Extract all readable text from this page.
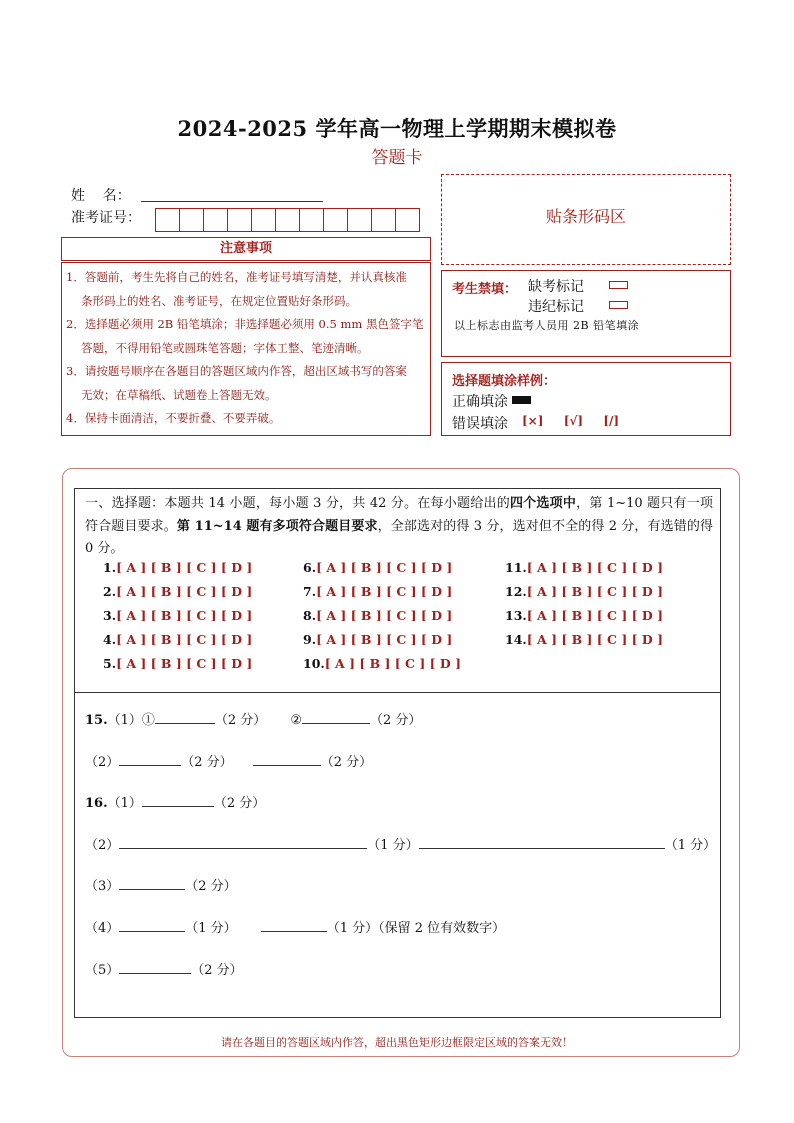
2024-2025 学年高一物理上学期期末模拟卷
答题卡
姓    名：
准考证号：	贴条形码区
注意事项

1．答题前，考生先将自己的姓名，准考证号填写清楚，并认真核准

条形码上的姓名、准考证号，在规定位置贴好条形码。

2．选择题必须用 2B 铅笔填涂；非选择题必须用 0.5 mm 黑色签字笔

答题，不得用铅笔或圆珠笔答题；字体工整、笔迹清晰。

3．请按题号顺序在各题目的答题区域内作答，超出区域书写的答案

无效；在草稿纸、试题卷上答题无效。

4．保持卡面清洁，不要折叠、不要弄破。

考生禁填： 缺考标记
违纪标记
以上标志由监考人员用 2B 铅笔填涂
选择题填涂样例：
正确填涂
错误填涂 [×]  [√]  [/]
一、选择题：本题共 14 小题，每小题 3 分，共 42 分。在每小题给出的四个选项中，第 1~10 题只有一项符合题目要求。第 11~14 题有多项符合题目要求，全部选对的得 3 分，选对但不全的得 2 分，有选错的得 0 分。
1.[ A ] [ B ] [ C ] [ D ]
2.[ A ] [ B ] [ C ] [ D ]
3.[ A ] [ B ] [ C ] [ D ]
4.[ A ] [ B ] [ C ] [ D ]
5.[ A ] [ B ] [ C ] [ D ]
6.[ A ] [ B ] [ C ] [ D ]
7.[ A ] [ B ] [ C ] [ D ]
8.[ A ] [ B ] [ C ] [ D ]
9.[ A ] [ B ] [ C ] [ D ]
10.[ A ] [ B ] [ C ] [ D ]
11.[ A ] [ B ] [ C ] [ D ]
12.[ A ] [ B ] [ C ] [ D ]
13.[ A ] [ B ] [ C ] [ D ]
14.[ A ] [ B ] [ C ] [ D ]
15.（1）①	（2 分） ②	（2 分）
（2）	（2 分）	（2 分）
16.（1）	（2 分）
（2）	（1 分）	（1 分）
（3）	（2 分）
（4）	（1 分）	（1 分）（保留 2 位有效数字）
（5）	（2 分）
请在各题目的答题区域内作答，超出黑色矩形边框限定区域的答案无效！
